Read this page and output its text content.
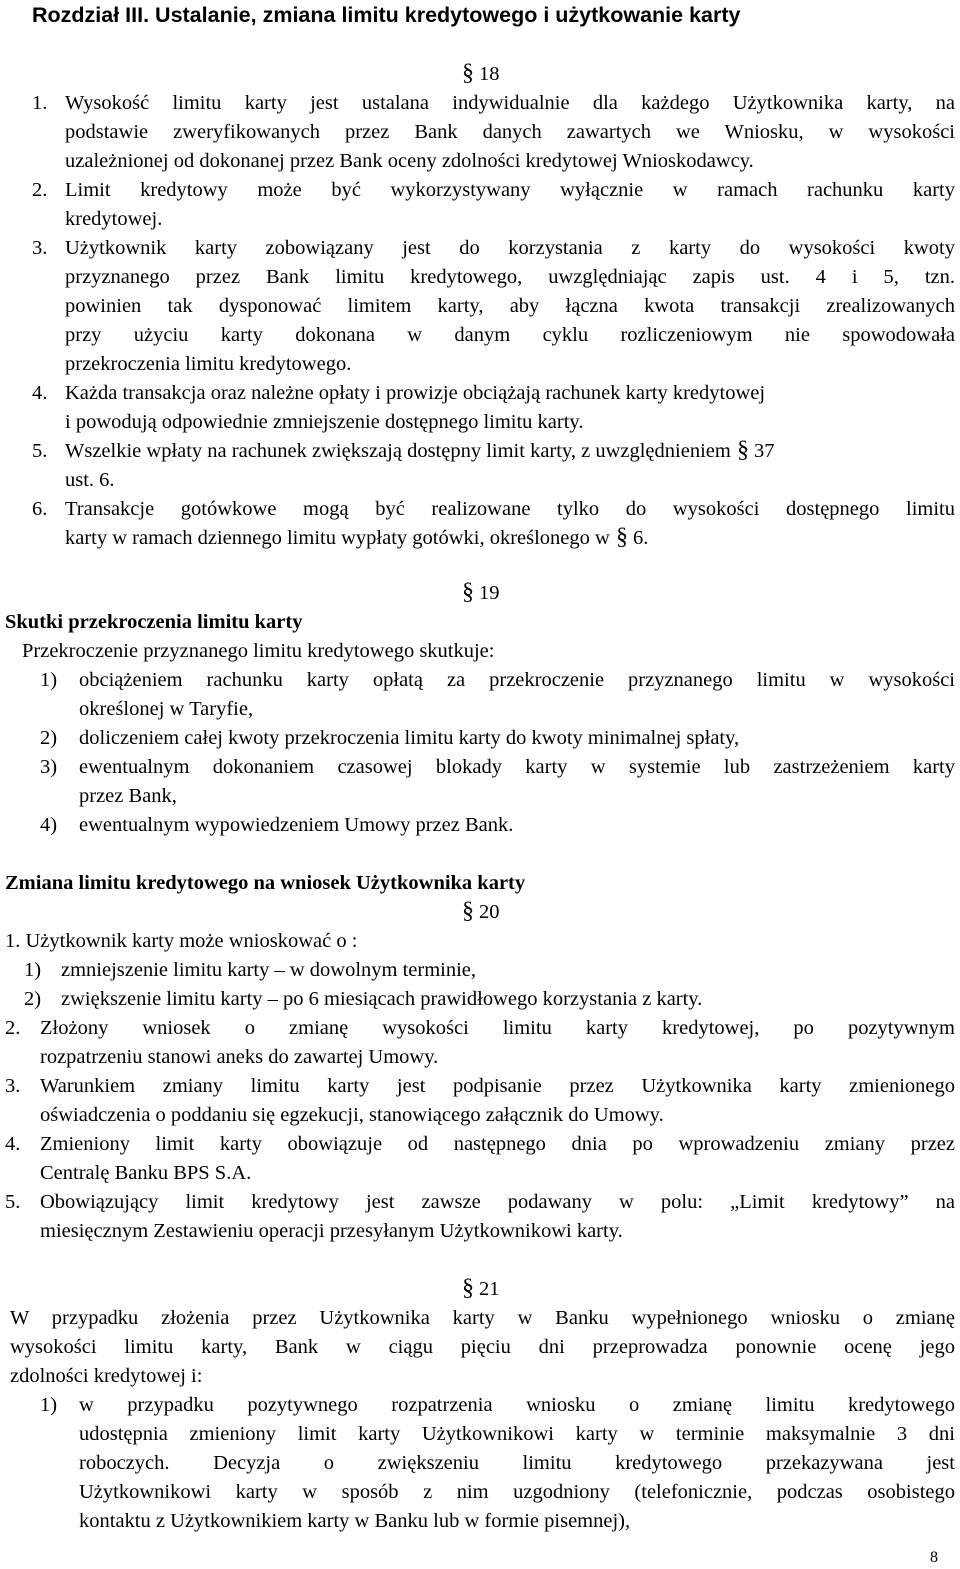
Rozdział III. Ustalanie, zmiana limitu kredytowego i użytkowanie karty
§ 18
1. Wysokość limitu karty jest ustalana indywidualnie dla każdego Użytkownika karty, na
podstawie zweryfikowanych przez Bank danych zawartych we Wniosku, w wysokości
uzależnionej od dokonanej przez Bank oceny zdolności kredytowej Wnioskodawcy.
2. Limit kredytowy może być wykorzystywany wyłącznie w ramach rachunku karty
kredytowej.
3. Użytkownik karty zobowiązany jest do korzystania z karty do wysokości kwoty
przyznanego przez Bank limitu kredytowego, uwzględniając zapis ust. 4 i 5, tzn.
powinien tak dysponować limitem karty, aby łączna kwota transakcji zrealizowanych
przy użyciu karty dokonana w danym cyklu rozliczeniowym nie spowodowała
przekroczenia limitu kredytowego.
4. Każda transakcja oraz należne opłaty i prowizje obciążają rachunek karty kredytowej
i powodują odpowiednie zmniejszenie dostępnego limitu karty.
5. Wszelkie wpłaty na rachunek zwiększają dostępny limit karty, z uwzględnieniem § 37
ust. 6.
6. Transakcje gotówkowe mogą być realizowane tylko do wysokości dostępnego limitu
karty w ramach dziennego limitu wypłaty gotówki, określonego w § 6.
§ 19
Skutki przekroczenia limitu karty
Przekroczenie przyznanego limitu kredytowego skutkuje:
1) obciążeniem rachunku karty opłatą za przekroczenie przyznanego limitu w wysokości
określonej w Taryfie,
2) doliczeniem całej kwoty przekroczenia limitu karty do kwoty minimalnej spłaty,
3) ewentualnym dokonaniem czasowej blokady karty w systemie lub zastrzeżeniem karty
przez Bank,
4) ewentualnym wypowiedzeniem Umowy przez Bank.
Zmiana limitu kredytowego na wniosek Użytkownika karty
§ 20
1. Użytkownik karty może wnioskować o :
1) zmniejszenie limitu karty – w dowolnym terminie,
2) zwiększenie limitu karty – po 6 miesiącach prawidłowego korzystania z karty.
§ 21
W przypadku złożenia przez Użytkownika karty w Banku wypełnionego wniosku o zmianę
wysokości limitu karty, Bank w ciągu pięciu dni przeprowadza ponownie ocenę jego
zdolności kredytowej i:
1) w przypadku pozytywnego rozpatrzenia wniosku o zmianę limitu kredytowego
udostępnia zmieniony limit karty Użytkownikowi karty w terminie maksymalnie 3 dni
roboczych. Decyzja o zwiększeniu limitu kredytowego przekazywana jest
Użytkownikowi karty w sposób z nim uzgodniony (telefonicznie, podczas osobistego
kontaktu z Użytkownikiem karty w Banku lub w formie pisemnej),
8
2. Złożony wniosek o zmianę wysokości limitu karty kredytowej, po pozytywnym
rozpatrzeniu stanowi aneks do zawartej Umowy.
3. Warunkiem zmiany limitu karty jest podpisanie przez Użytkownika karty zmienionego
oświadczenia o poddaniu się egzekucji, stanowiącego załącznik do Umowy.
4. Zmieniony limit karty obowiązuje od następnego dnia po wprowadzeniu zmiany przez
Centralę Banku BPS S.A.
5. Obowiązujący limit kredytowy jest zawsze podawany w polu: „Limit kredytowy” na
miesięcznym Zestawieniu operacji przesyłanym Użytkownikowi karty.
